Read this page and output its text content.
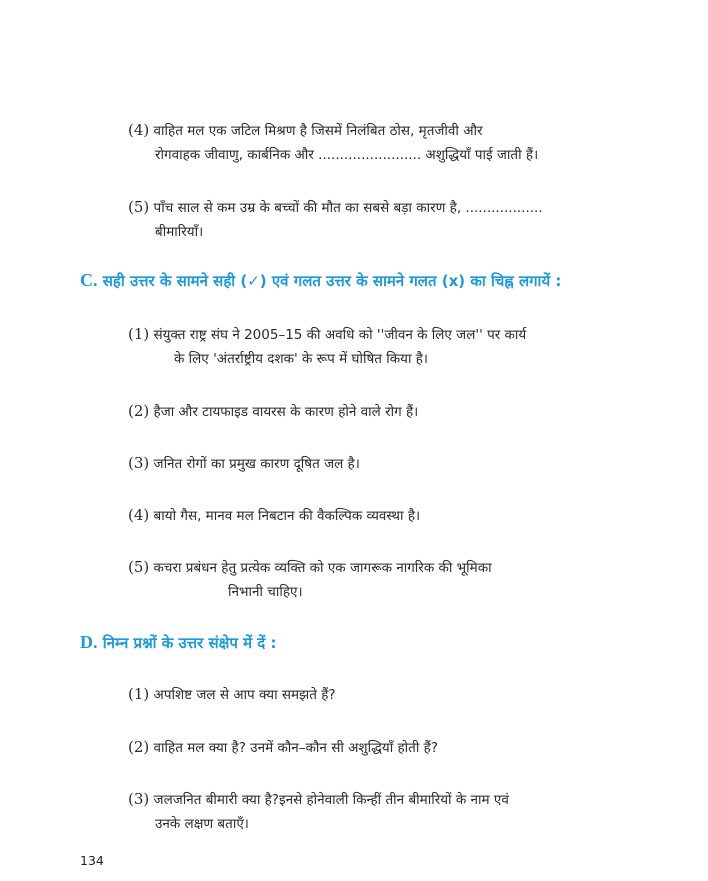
(4) वाहित मल एक जटिल मिश्रण है जिसमें निलंबित ठोस, मृतजीवी और
रोगवाहक जीवाणु, कार्बनिक और ........................ अशुद्धियाँ पाई जाती हैं।
(5) पाँच साल से कम उम्र के बच्चों की मौत का सबसे बड़ा कारण है, ..................
बीमारियाँ।
C. सही उत्तर के सामने सही (✓) एवं गलत उत्तर के सामने गलत (x) का चिह्न लगायें :
(1) संयुक्त राष्ट्र संघ ने 2005–15 की अवधि को ''जीवन के लिए जल'' पर कार्य
के लिए 'अंतर्राष्ट्रीय दशक' के रूप में घोषित किया है।
(2) हैजा और टायफाइड वायरस के कारण होने वाले रोग हैं।
(3) जनित रोगों का प्रमुख कारण दूषित जल है।
(4) बायो गैस, मानव मल निबटान की वैकल्पिक व्यवस्था है।
(5) कचरा प्रबंधन हेतु प्रत्येक व्यक्ति को एक जागरूक नागरिक की भूमिका
निभानी चाहिए।
D. निम्न प्रश्नों के उत्तर संक्षेप में दें :
(1) अपशिष्ट जल से आप क्या समझते हैं?
(2) वाहित मल क्या है? उनमें कौन–कौन सी अशुद्धियाँ होती हैं?
(3) जलजनित बीमारी क्या है?इनसे होनेवाली किन्हीं तीन बीमारियों के नाम एवं
उनके लक्षण बताएँ।
134
